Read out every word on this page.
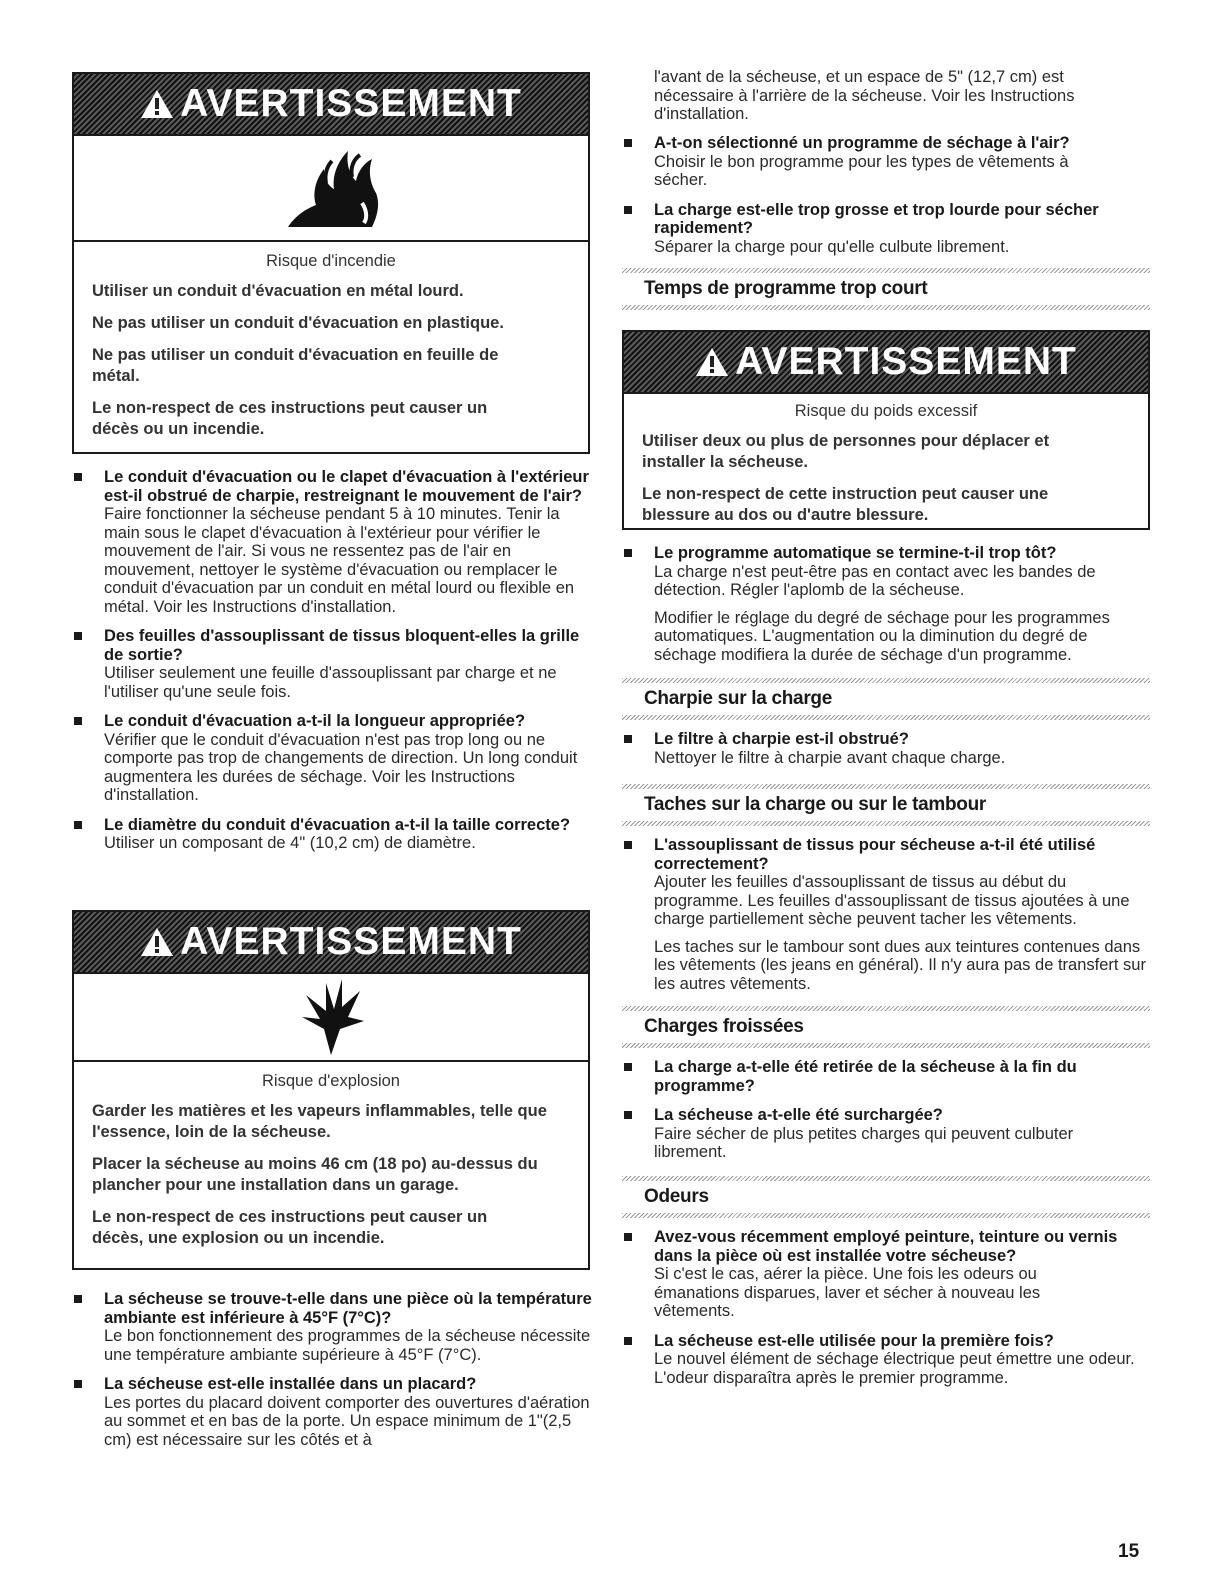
AVERTISSEMENT
Risque d'incendie

Utiliser un conduit d'évacuation en métal lourd.

Ne pas utiliser un conduit d'évacuation en plastique.

Ne pas utiliser un conduit d'évacuation en feuille de métal.

Le non-respect de ces instructions peut causer un décès ou un incendie.

Le conduit d'évacuation ou le clapet d'évacuation à l'extérieur est-il obstrué de charpie, restreignant le mouvement de l'air?
Faire fonctionner la sécheuse pendant 5 à 10 minutes. Tenir la main sous le clapet d'évacuation à l'extérieur pour vérifier le mouvement de l'air. Si vous ne ressentez pas de l'air en mouvement, nettoyer le système d'évacuation ou remplacer le conduit d'évacuation par un conduit en métal lourd ou flexible en métal. Voir les Instructions d'installation.
Des feuilles d'assouplissant de tissus bloquent-elles la grille de sortie?
Utiliser seulement une feuille d'assouplissant par charge et ne l'utiliser qu'une seule fois.
Le conduit d'évacuation a-t-il la longueur appropriée?
Vérifier que le conduit d'évacuation n'est pas trop long ou ne comporte pas trop de changements de direction. Un long conduit augmentera les durées de séchage. Voir les Instructions d'installation.
Le diamètre du conduit d'évacuation a-t-il la taille correcte?
Utiliser un composant de 4" (10,2 cm) de diamètre.
AVERTISSEMENT
Risque d'explosion

Garder les matières et les vapeurs inflammables, telle que l'essence, loin de la sécheuse.

Placer la sécheuse au moins 46 cm (18 po) au-dessus du plancher pour une installation dans un garage.

Le non-respect de ces instructions peut causer un décès, une explosion ou un incendie.

La sécheuse se trouve-t-elle dans une pièce où la température ambiante est inférieure à 45°F (7°C)?
Le bon fonctionnement des programmes de la sécheuse nécessite une température ambiante supérieure à 45°F (7°C).
La sécheuse est-elle installée dans un placard?
Les portes du placard doivent comporter des ouvertures d'aération au sommet et en bas de la porte. Un espace minimum de 1"(2,5 cm) est nécessaire sur les côtés et à

l'avant de la sécheuse, et un espace de 5" (12,7 cm) est nécessaire à l'arrière de la sécheuse. Voir les Instructions d'installation.

A-t-on sélectionné un programme de séchage à l'air?
Choisir le bon programme pour les types de vêtements à sécher.
La charge est-elle trop grosse et trop lourde pour sécher rapidement?
Séparer la charge pour qu'elle culbute librement.
Temps de programme trop court
AVERTISSEMENT
Risque du poids excessif

Utiliser deux ou plus de personnes pour déplacer et installer la sécheuse.

Le non-respect de cette instruction peut causer une blessure au dos ou d'autre blessure.

Le programme automatique se termine-t-il trop tôt?
La charge n'est peut-être pas en contact avec les bandes de détection. Régler l'aplomb de la sécheuse.
Modifier le réglage du degré de séchage pour les programmes automatiques. L'augmentation ou la diminution du degré de séchage modifiera la durée de séchage d'un programme.
Charpie sur la charge
Le filtre à charpie est-il obstrué?
Nettoyer le filtre à charpie avant chaque charge.
Taches sur la charge ou sur le tambour
L'assouplissant de tissus pour sécheuse a-t-il été utilisé correctement?
Ajouter les feuilles d'assouplissant de tissus au début du programme. Les feuilles d'assouplissant de tissus ajoutées à une charge partiellement sèche peuvent tacher les vêtements.
Les taches sur le tambour sont dues aux teintures contenues dans les vêtements (les jeans en général). Il n'y aura pas de transfert sur les autres vêtements.
Charges froissées
La charge a-t-elle été retirée de la sécheuse à la fin du programme?
La sécheuse a-t-elle été surchargée?
Faire sécher de plus petites charges qui peuvent culbuter librement.
Odeurs
Avez-vous récemment employé peinture, teinture ou vernis dans la pièce où est installée votre sécheuse?
Si c'est le cas, aérer la pièce. Une fois les odeurs ou émanations disparues, laver et sécher à nouveau les vêtements.
La sécheuse est-elle utilisée pour la première fois?
Le nouvel élément de séchage électrique peut émettre une odeur. L'odeur disparaîtra après le premier programme.
15
